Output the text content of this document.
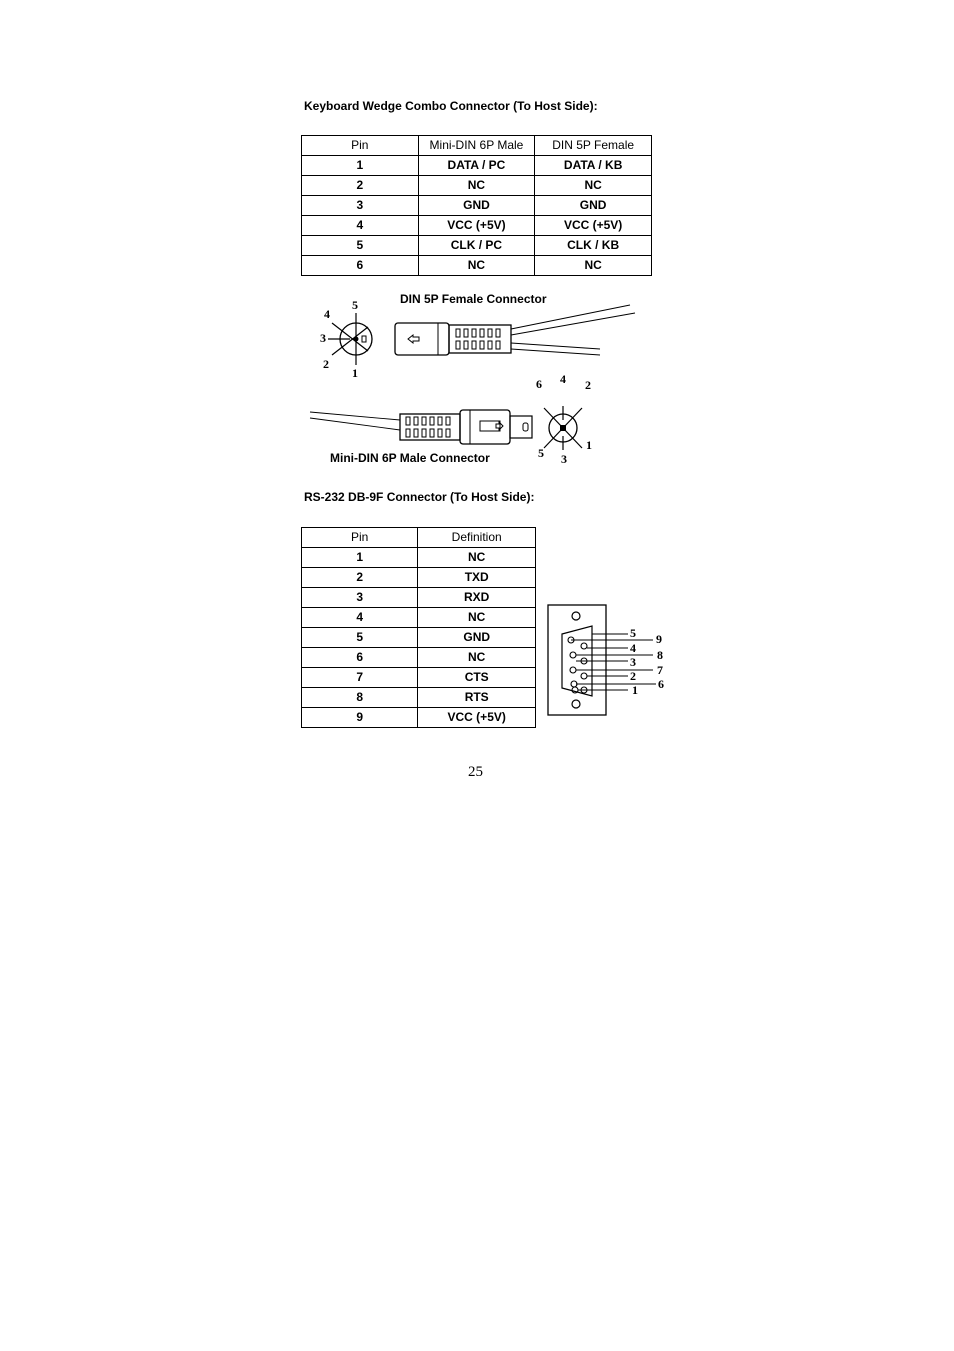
Keyboard Wedge Combo Connector (To Host Side):
Pin	Mini-DIN 6P Male	DIN 5P Female
1	DATA / PC	DATA / KB
2	NC	NC
3	GND	GND
4	VCC (+5V)	VCC (+5V)
5	CLK / PC	CLK / KB
6	NC	NC
DIN 5P Female Connector
1
2
3
4
5
1
2
3
4
5
6
Mini-DIN 6P Male Connector
RS-232 DB-9F Connector (To Host Side):
Pin	Definition
1	NC
2	TXD
3	RXD
4	NC
5	GND
6	NC
7	CTS
8	RTS
9	VCC (+5V)
5
4
3
2
1
9
8
7
6
25
